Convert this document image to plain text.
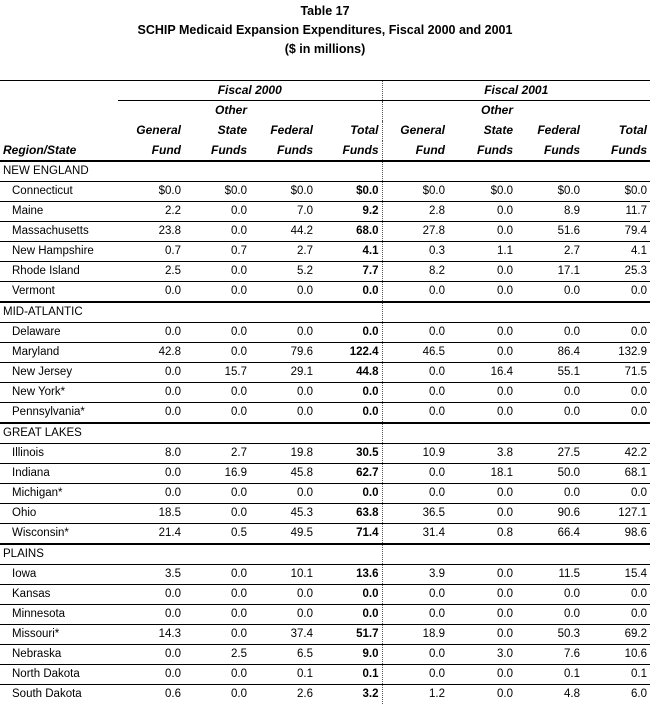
Table 17
SCHIP Medicaid Expansion Expenditures, Fiscal 2000 and 2001
($ in millions)
	Fiscal 2000				Fiscal 2001			
		Other				Other		
	General	State	Federal	Total	General	State	Federal	Total
Region/State	Fund	Funds	Funds	Funds	Fund	Funds	Funds	Funds
NEW ENGLAND								
Connecticut	$0.0	$0.0	$0.0	$0.0	$0.0	$0.0	$0.0	$0.0
Maine	2.2	0.0	7.0	9.2	2.8	0.0	8.9	11.7
Massachusetts	23.8	0.0	44.2	68.0	27.8	0.0	51.6	79.4
New Hampshire	0.7	0.7	2.7	4.1	0.3	1.1	2.7	4.1
Rhode Island	2.5	0.0	5.2	7.7	8.2	0.0	17.1	25.3
Vermont	0.0	0.0	0.0	0.0	0.0	0.0	0.0	0.0
MID-ATLANTIC								
Delaware	0.0	0.0	0.0	0.0	0.0	0.0	0.0	0.0
Maryland	42.8	0.0	79.6	122.4	46.5	0.0	86.4	132.9
New Jersey	0.0	15.7	29.1	44.8	0.0	16.4	55.1	71.5
New York*	0.0	0.0	0.0	0.0	0.0	0.0	0.0	0.0
Pennsylvania*	0.0	0.0	0.0	0.0	0.0	0.0	0.0	0.0
GREAT LAKES								
Illinois	8.0	2.7	19.8	30.5	10.9	3.8	27.5	42.2
Indiana	0.0	16.9	45.8	62.7	0.0	18.1	50.0	68.1
Michigan*	0.0	0.0	0.0	0.0	0.0	0.0	0.0	0.0
Ohio	18.5	0.0	45.3	63.8	36.5	0.0	90.6	127.1
Wisconsin*	21.4	0.5	49.5	71.4	31.4	0.8	66.4	98.6
PLAINS								
Iowa	3.5	0.0	10.1	13.6	3.9	0.0	11.5	15.4
Kansas	0.0	0.0	0.0	0.0	0.0	0.0	0.0	0.0
Minnesota	0.0	0.0	0.0	0.0	0.0	0.0	0.0	0.0
Missouri*	14.3	0.0	37.4	51.7	18.9	0.0	50.3	69.2
Nebraska	0.0	2.5	6.5	9.0	0.0	3.0	7.6	10.6
North Dakota	0.0	0.0	0.1	0.1	0.0	0.0	0.1	0.1
South Dakota	0.6	0.0	2.6	3.2	1.2	0.0	4.8	6.0
